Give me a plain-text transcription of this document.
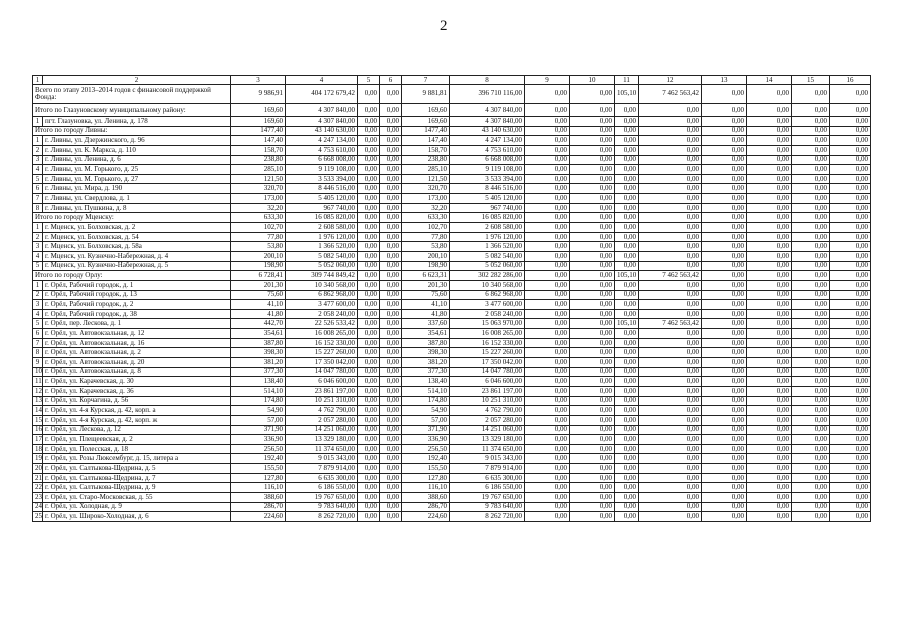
2
1	2	3	4	5	6	7	8	9	10	11	12	13	14	15	16
Всего по этапу 2013–2014 годов с финансовой поддержкой Фонда:		9 986,91	404 172 679,42	0,00	0,00	9 881,81	396 710 116,00	0,00	0,00	105,10	7 462 563,42	0,00	0,00	0,00	0,00
Итого по Глазуновскому муниципальному району:		169,60	4 307 840,00	0,00	0,00	169,60	4 307 840,00	0,00	0,00	0,00	0,00	0,00	0,00	0,00	0,00
1	пгт. Глазуновка, ул. Ленина, д. 178	169,60	4 307 840,00	0,00	0,00	169,60	4 307 840,00	0,00	0,00	0,00	0,00	0,00	0,00	0,00	0,00
Итого по городу Ливны:		1477,40	43 140 630,00	0,00	0,00	1477,40	43 140 630,00	0,00	0,00	0,00	0,00	0,00	0,00	0,00	0,00
1	г. Ливны, ул. Дзержинского, д. 96	147,40	4 247 134,00	0,00	0,00	147,40	4 247 134,00	0,00	0,00	0,00	0,00	0,00	0,00	0,00	0,00
2	г. Ливны, ул. К. Маркса, д. 110	158,70	4 753 610,00	0,00	0,00	158,70	4 753 610,00	0,00	0,00	0,00	0,00	0,00	0,00	0,00	0,00
3	г. Ливны, ул. Ленина, д. 6	238,80	6 668 008,00	0,00	0,00	238,80	6 668 008,00	0,00	0,00	0,00	0,00	0,00	0,00	0,00	0,00
4	г. Ливны, ул. М. Горького, д. 25	285,10	9 119 108,00	0,00	0,00	285,10	9 119 108,00	0,00	0,00	0,00	0,00	0,00	0,00	0,00	0,00
5	г. Ливны, ул. М. Горького, д. 27	121,50	3 533 394,00	0,00	0,00	121,50	3 533 394,00	0,00	0,00	0,00	0,00	0,00	0,00	0,00	0,00
6	г. Ливны, ул. Мира, д. 190	320,70	8 446 516,00	0,00	0,00	320,70	8 446 516,00	0,00	0,00	0,00	0,00	0,00	0,00	0,00	0,00
7	г. Ливны, ул. Свердлова, д. 1	173,00	5 405 120,00	0,00	0,00	173,00	5 405 120,00	0,00	0,00	0,00	0,00	0,00	0,00	0,00	0,00
8	г. Ливны, ул. Пушкина, д. 8	32,20	967 740,00	0,00	0,00	32,20	967 740,00	0,00	0,00	0,00	0,00	0,00	0,00	0,00	0,00
Итого по городу Мценску:		633,30	16 085 820,00	0,00	0,00	633,30	16 085 820,00	0,00	0,00	0,00	0,00	0,00	0,00	0,00	0,00
1	г. Мценск, ул. Болховская, д. 2	102,70	2 608 580,00	0,00	0,00	102,70	2 608 580,00	0,00	0,00	0,00	0,00	0,00	0,00	0,00	0,00
2	г. Мценск, ул. Болховская, д. 54	77,80	1 976 120,00	0,00	0,00	77,80	1 976 120,00	0,00	0,00	0,00	0,00	0,00	0,00	0,00	0,00
3	г. Мценск, ул. Болховская, д. 58а	53,80	1 366 520,00	0,00	0,00	53,80	1 366 520,00	0,00	0,00	0,00	0,00	0,00	0,00	0,00	0,00
4	г. Мценск, ул. Кузнечно-Набережная, д. 4	200,10	5 082 540,00	0,00	0,00	200,10	5 082 540,00	0,00	0,00	0,00	0,00	0,00	0,00	0,00	0,00
5	г. Мценск, ул. Кузнечно-Набережная, д. 5	198,90	5 052 060,00	0,00	0,00	198,90	5 052 060,00	0,00	0,00	0,00	0,00	0,00	0,00	0,00	0,00
Итого по городу Орлу:		6 728,41	309 744 849,42	0,00	0,00	6 623,31	302 282 286,00	0,00	0,00	105,10	7 462 563,42	0,00	0,00	0,00	0,00
1	г. Орёл, Рабочий городок, д. 1	201,30	10 340 568,00	0,00	0,00	201,30	10 340 568,00	0,00	0,00	0,00	0,00	0,00	0,00	0,00	0,00
2	г. Орёл, Рабочий городок, д. 13	75,60	6 862 968,00	0,00	0,00	75,60	6 862 968,00	0,00	0,00	0,00	0,00	0,00	0,00	0,00	0,00
3	г. Орёл, Рабочий городок, д. 2	41,10	3 477 600,00	0,00	0,00	41,10	3 477 600,00	0,00	0,00	0,00	0,00	0,00	0,00	0,00	0,00
4	г. Орёл, Рабочий городок, д. 38	41,80	2 058 240,00	0,00	0,00	41,80	2 058 240,00	0,00	0,00	0,00	0,00	0,00	0,00	0,00	0,00
5	г. Орёл, пер. Лескова, д. 1	442,70	22 526 533,42	0,00	0,00	337,60	15 063 970,00	0,00	0,00	105,10	7 462 563,42	0,00	0,00	0,00	0,00
6	г. Орёл, ул. Автовокзальная, д. 12	354,61	16 008 265,00	0,00	0,00	354,61	16 008 265,00	0,00	0,00	0,00	0,00	0,00	0,00	0,00	0,00
7	г. Орёл, ул. Автовокзальная, д. 16	387,80	16 152 330,00	0,00	0,00	387,80	16 152 330,00	0,00	0,00	0,00	0,00	0,00	0,00	0,00	0,00
8	г. Орёл, ул. Автовокзальная, д. 2	398,30	15 227 260,00	0,00	0,00	398,30	15 227 260,00	0,00	0,00	0,00	0,00	0,00	0,00	0,00	0,00
9	г. Орёл, ул. Автовокзальная, д. 20	381,20	17 350 042,00	0,00	0,00	381,20	17 350 042,00	0,00	0,00	0,00	0,00	0,00	0,00	0,00	0,00
10	г. Орёл, ул. Автовокзальная, д. 8	377,30	14 047 780,00	0,00	0,00	377,30	14 047 780,00	0,00	0,00	0,00	0,00	0,00	0,00	0,00	0,00
11	г. Орёл, ул. Карачевская, д. 30	138,40	6 046 600,00	0,00	0,00	138,40	6 046 600,00	0,00	0,00	0,00	0,00	0,00	0,00	0,00	0,00
12	г. Орёл, ул. Карачевская, д. 36	514,10	23 861 197,00	0,00	0,00	514,10	23 861 197,00	0,00	0,00	0,00	0,00	0,00	0,00	0,00	0,00
13	г. Орёл, ул. Корчагина, д. 56	174,80	10 251 310,00	0,00	0,00	174,80	10 251 310,00	0,00	0,00	0,00	0,00	0,00	0,00	0,00	0,00
14	г. Орёл, ул. 4-я Курская, д. 42, корп. а	54,90	4 762 790,00	0,00	0,00	54,90	4 762 790,00	0,00	0,00	0,00	0,00	0,00	0,00	0,00	0,00
15	г. Орёл, ул. 4-я Курская, д. 42, корп. ж	57,00	2 057 280,00	0,00	0,00	57,00	2 057 280,00	0,00	0,00	0,00	0,00	0,00	0,00	0,00	0,00
16	г. Орёл, ул. Лескова, д. 12	371,90	14 251 060,00	0,00	0,00	371,90	14 251 060,00	0,00	0,00	0,00	0,00	0,00	0,00	0,00	0,00
17	г. Орёл, ул. Плещеевская, д. 2	336,90	13 329 180,00	0,00	0,00	336,90	13 329 180,00	0,00	0,00	0,00	0,00	0,00	0,00	0,00	0,00
18	г. Орёл, ул. Полесская, д. 18	256,50	11 374 650,00	0,00	0,00	256,50	11 374 650,00	0,00	0,00	0,00	0,00	0,00	0,00	0,00	0,00
19	г. Орёл, ул. Розы Люксембург, д. 15, литера а	192,40	9 015 343,00	0,00	0,00	192,40	9 015 343,00	0,00	0,00	0,00	0,00	0,00	0,00	0,00	0,00
20	г. Орёл, ул. Салтыкова-Щедрина, д. 5	155,50	7 879 914,00	0,00	0,00	155,50	7 879 914,00	0,00	0,00	0,00	0,00	0,00	0,00	0,00	0,00
21	г. Орёл, ул. Салтыкова-Щедрина, д. 7	127,80	6 635 300,00	0,00	0,00	127,80	6 635 300,00	0,00	0,00	0,00	0,00	0,00	0,00	0,00	0,00
22	г. Орёл, ул. Салтыкова-Щедрина, д. 9	116,10	6 186 550,00	0,00	0,00	116,10	6 186 550,00	0,00	0,00	0,00	0,00	0,00	0,00	0,00	0,00
23	г. Орёл, ул. Старо-Московская, д. 55	388,60	19 767 650,00	0,00	0,00	388,60	19 767 650,00	0,00	0,00	0,00	0,00	0,00	0,00	0,00	0,00
24	г. Орёл, ул. Холодная, д. 9	286,70	9 783 640,00	0,00	0,00	286,70	9 783 640,00	0,00	0,00	0,00	0,00	0,00	0,00	0,00	0,00
25	г. Орёл, ул. Широко-Холодная, д. 6	224,60	8 262 720,00	0,00	0,00	224,60	8 262 720,00	0,00	0,00	0,00	0,00	0,00	0,00	0,00	0,00
